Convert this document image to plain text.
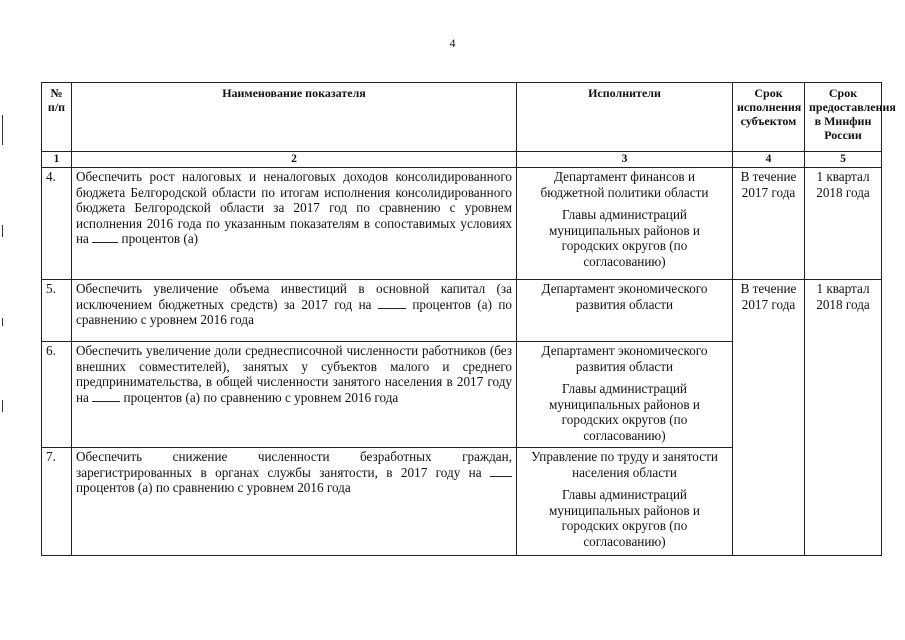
4
№ п/п	Наименование показателя	Исполнители	Срок исполнения субъектом	Срок предоставления в Минфин России
1	2	3	4	5
4.	Обеспечить рост налоговых и неналоговых доходов консолидированного бюджета Белгородской области по итогам исполнения консолидированного бюджета Белгородской области за 2017 год по сравнению с уровнем исполнения 2016 года по указанным показателям в сопоставимых условиях на процентов (а)	Департамент финансов и бюджетной политики области
Главы администраций муниципальных районов и городских округов (по согласованию)	В течение 2017 года	1 квартал 2018 года
5.	Обеспечить увеличение объема инвестиций в основной капитал (за исключением бюджетных средств) за 2017 год на процентов (а) по сравнению с уровнем 2016 года	Департамент экономического развития области	В течение 2017 года	1 квартал 2018 года
6.	Обеспечить увеличение доли среднесписочной численности работников (без внешних совместителей), занятых у субъектов малого и среднего предпринимательства, в общей численности занятого населения в 2017 году на процентов (а) по сравнению с уровнем 2016 года	Департамент экономического развития области
Главы администраций муниципальных районов и городских округов (по согласованию)		

7.	Обеспечить снижение численности безработных граждан, зарегистрированных в органах службы занятости, в 2017 году на  процентов (а) по сравнению с уровнем 2016 года	Управление по труду и занятости населения области
Главы администраций муниципальных районов и городских округов (по согласованию)		
